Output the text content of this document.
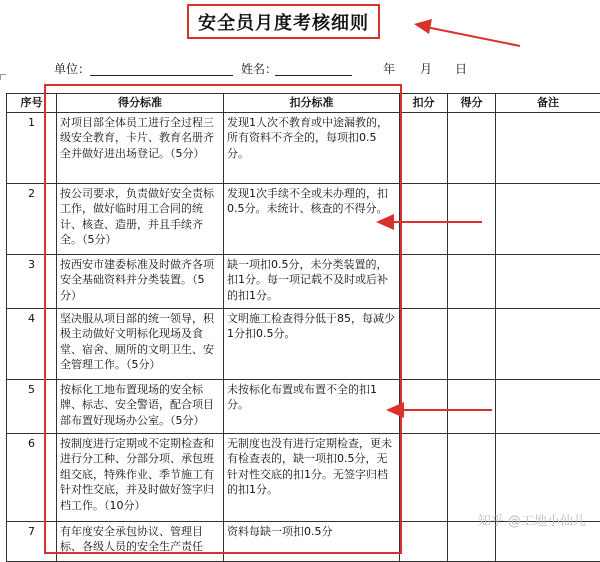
安全员月度考核细则
单位：	姓名：	年 月 日
序号	得分标准	扣分标准	扣分	得分	备注
1	对项目部全体员工进行全过程三级安全教育，卡片、教育名册齐全并做好进出场登记。（5分）	发现1人次不教育或中途漏教的，所有资料不齐全的，每项扣0.5分。			
2	按公司要求，负责做好安全责标工作，做好临时用工合同的统计、核查、造册，并且手续齐全。（5分）	发现1次手续不全或未办理的，扣0.5分。未统计、核查的不得分。			
3	按西安市建委标准及时做齐各项安全基础资料并分类装置。（5分）	缺一项扣0.5分，未分类装置的，扣1分。每一项记载不及时或后补的扣1分。			
4	坚决服从项目部的统一领导，积极主动做好文明标化现场及食堂、宿舍、厕所的文明卫生、安全管理工作。（5分）	文明施工检查得分低于85，每减少1分扣0.5分。			
5	按标化工地布置现场的安全标牌、标志、安全警语，配合项目部布置好现场办公室。（5分）	未按标化布置或布置不全的扣1分。			
6	按制度进行定期或不定期检查和进行分工种、分部分项、承包班组交底，特殊作业、季节施工有针对性交底，并及时做好签字归档工作。（10分）	无制度也没有进行定期检查，更未有检查表的，缺一项扣0.5分，无针对性交底的扣1分。无签字归档的扣1分。			
7	有年度安全承包协议、管理目标、各级人员的安全生产责任	资料每缺一项扣0.5分			
知乎 @工地小仙儿
